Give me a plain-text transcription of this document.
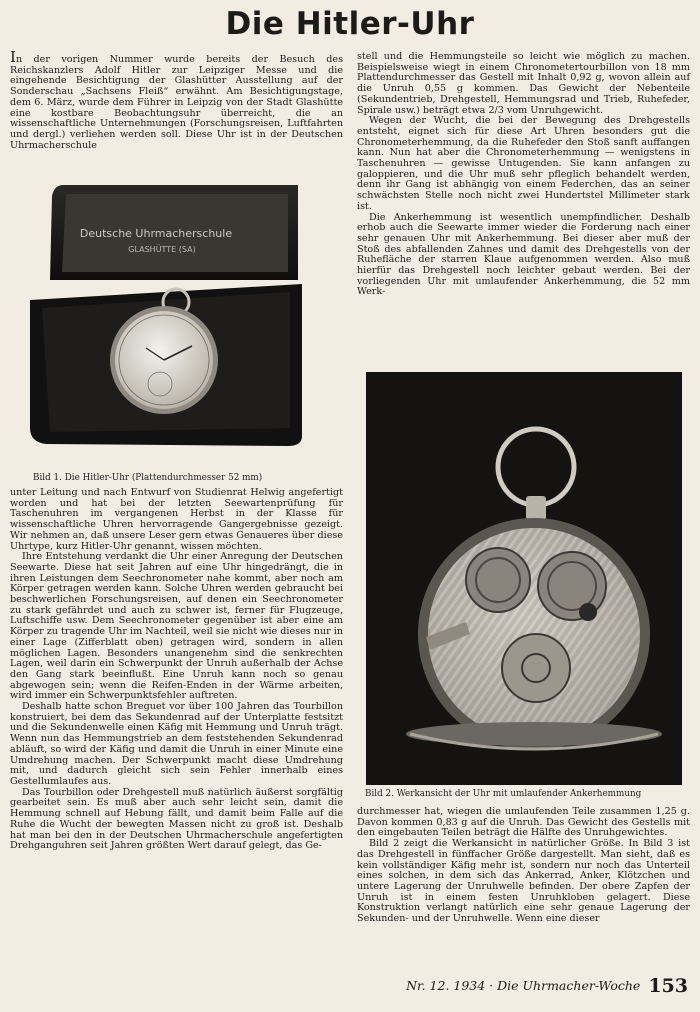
Die Hitler-Uhr

In der vorigen Nummer wurde bereits der Besuch des Reichskanzlers Adolf Hitler zur Leipziger Messe und die eingehende Besichtigung der Glashütter Ausstellung auf der Sonderschau „Sachsens Fleiß“ erwähnt. Am Besichtigungstage, dem 6. März, wurde dem Führer in Leipzig von der Stadt Glashütte eine kostbare Beobachtungsuhr überreicht, die an wissenschaftliche Unternehmungen (Forschungsreisen, Luftfahrten und dergl.) verliehen werden soll. Diese Uhr ist in der Deutschen Uhrmacherschule

Deutsche Uhrmacherschule
GLASHÜTTE (SA)
Bild 1. Die Hitler-Uhr (Plattendurchmesser 52 mm)

unter Leitung und nach Entwurf von Studienrat Helwig angefertigt worden und hat bei der letzten Seewartenprüfung für Taschenuhren im vergangenen Herbst in der Klasse für wissenschaftliche Uhren hervorragende Gangergebnisse gezeigt. Wir nehmen an, daß unsere Leser gern etwas Genaueres über diese Uhrtype, kurz Hitler-Uhr genannt, wissen möchten.

Ihre Entstehung verdankt die Uhr einer Anregung der Deutschen Seewarte. Diese hat seit Jahren auf eine Uhr hingedrängt, die in ihren Leistungen dem Seechronometer nahe kommt, aber noch am Körper getragen werden kann. Solche Uhren werden gebraucht bei beschwerlichen Forschungsreisen, auf denen ein Seechronometer zu stark gefährdet und auch zu schwer ist, ferner für Flugzeuge, Luftschiffe usw. Dem Seechronometer gegenüber ist aber eine am Körper zu tragende Uhr im Nachteil, weil sie nicht wie dieses nur in einer Lage (Zifferblatt oben) getragen wird, sondern in allen möglichen Lagen. Besonders unangenehm sind die senkrechten Lagen, weil darin ein Schwerpunkt der Unruh außerhalb der Achse den Gang stark beeinflußt. Eine Unruh kann noch so genau abgewogen sein; wenn die Reifen-Enden in der Wärme arbeiten, wird immer ein Schwerpunktsfehler auftreten.

Deshalb hatte schon Breguet vor über 100 Jahren das Tourbillon konstruiert, bei dem das Sekundenrad auf der Unterplatte festsitzt und die Sekundenwelle einen Käfig mit Hemmung und Unruh trägt. Wenn nun das Hemmungstrieb an dem feststehenden Sekundenrad abläuft, so wird der Käfig und damit die Unruh in einer Minute eine Umdrehung machen. Der Schwerpunkt macht diese Umdrehung mit, und dadurch gleicht sich sein Fehler innerhalb eines Gestellumlaufes aus.

Das Tourbillon oder Drehgestell muß natürlich äußerst sorgfältig gearbeitet sein. Es muß aber auch sehr leicht sein, damit die Hemmung schnell auf Hebung fällt, und damit beim Falle auf die Ruhe die Wucht der bewegten Massen nicht zu groß ist. Deshalb hat man bei den in der Deutschen Uhrmacherschule angefertigten Drehganguhren seit Jahren größten Wert darauf gelegt, das Ge-

stell und die Hemmungsteile so leicht wie möglich zu machen. Beispielsweise wiegt in einem Chronometertourbillon von 18 mm Plattendurchmesser das Gestell mit Inhalt 0,92 g, wovon allein auf die Unruh 0,55 g kommen. Das Gewicht der Nebenteile (Sekundentrieb, Drehgestell, Hemmungsrad und Trieb, Ruhefeder, Spirale usw.) beträgt etwa 2/3 vom Unruhgewicht.

Wegen der Wucht, die bei der Bewegung des Drehgestells entsteht, eignet sich für diese Art Uhren besonders gut die Chronometerhemmung, da die Ruhefeder den Stoß sanft auffangen kann. Nun hat aber die Chronometerhemmung — wenigstens in Taschenuhren — gewisse Untugenden. Sie kann anfangen zu galoppieren, und die Uhr muß sehr pfleglich behandelt werden, denn ihr Gang ist abhängig von einem Federchen, das an seiner schwächsten Stelle noch nicht zwei Hundertstel Millimeter stark ist.

Die Ankerhemmung ist wesentlich unempfindlicher. Deshalb erhob auch die Seewarte immer wieder die Forderung nach einer sehr genauen Uhr mit Ankerhemmung. Bei dieser aber muß der Stoß des abfallenden Zahnes und damit des Drehgestells von der Ruhefläche der starren Klaue aufgenommen werden. Also muß hierfür das Drehgestell noch leichter gebaut werden. Bei der vorliegenden Uhr mit umlaufender Ankerhemmung, die 52 mm Werk-

Bild 2. Werkansicht der Uhr mit umlaufender Ankerhemmung

durchmesser hat, wiegen die umlaufenden Teile zusammen 1,25 g. Davon kommen 0,83 g auf die Unruh. Das Gewicht des Gestells mit den eingebauten Teilen beträgt die Hälfte des Unruhgewichtes.

Bild 2 zeigt die Werkansicht in natürlicher Größe. In Bild 3 ist das Drehgestell in fünffacher Größe dargestellt. Man sieht, daß es kein vollständiger Käfig mehr ist, sondern nur noch das Unterteil eines solchen, in dem sich das Ankerrad, Anker, Klötzchen und untere Lagerung der Unruhwelle befinden. Der obere Zapfen der Unruh ist in einem festen Unruhkloben gelagert. Diese Konstruktion verlangt natürlich eine sehr genaue Lagerung der Sekunden- und der Unruhwelle. Wenn eine dieser

Nr. 12. 1934 · Die Uhrmacher-Woche 153
